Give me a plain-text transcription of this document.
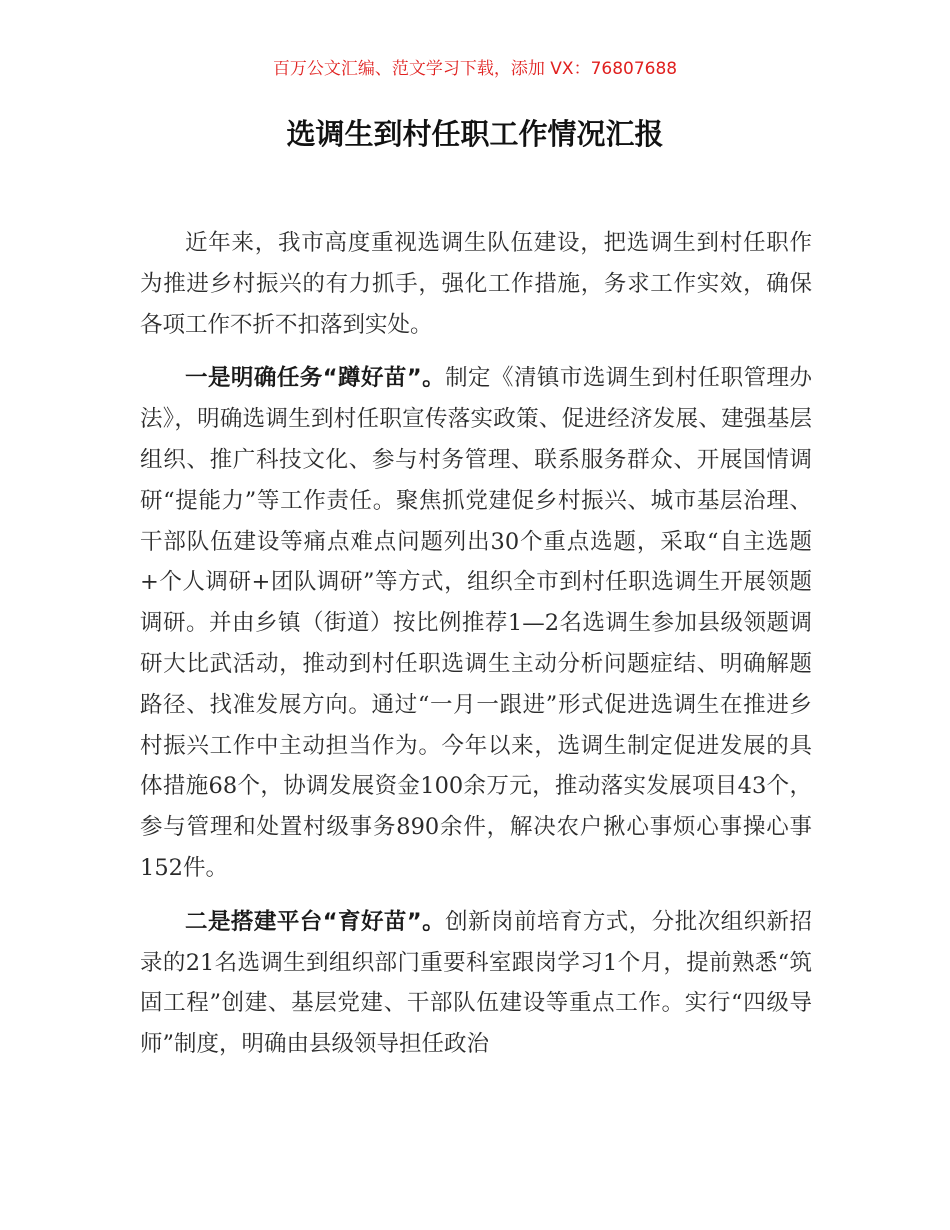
百万公文汇编、范文学习下载，添加 VX：76807688
选调生到村任职工作情况汇报

近年来，我市高度重视选调生队伍建设，把选调生到村任职作为推进乡村振兴的有力抓手，强化工作措施，务求工作实效，确保各项工作不折不扣落到实处。

一是明确任务“蹲好苗”。制定《清镇市选调生到村任职管理办法》，明确选调生到村任职宣传落实政策、促进经济发展、建强基层组织、推广科技文化、参与村务管理、联系服务群众、开展国情调研“提能力”等工作责任。聚焦抓党建促乡村振兴、城市基层治理、干部队伍建设等痛点难点问题列出30个重点选题，采取“自主选题+个人调研+团队调研”等方式，组织全市到村任职选调生开展领题调研。并由乡镇（街道）按比例推荐1—2名选调生参加县级领题调研大比武活动，推动到村任职选调生主动分析问题症结、明确解题路径、找准发展方向。通过“一月一跟进”形式促进选调生在推进乡村振兴工作中主动担当作为。今年以来，选调生制定促进发展的具体措施68个，协调发展资金100余万元，推动落实发展项目43个，参与管理和处置村级事务890余件，解决农户揪心事烦心事操心事152件。

二是搭建平台“育好苗”。创新岗前培育方式，分批次组织新招录的21名选调生到组织部门重要科室跟岗学习1个月，提前熟悉“筑固工程”创建、基层党建、干部队伍建设等重点工作。实行“四级导师”制度，明确由县级领导担任政治
